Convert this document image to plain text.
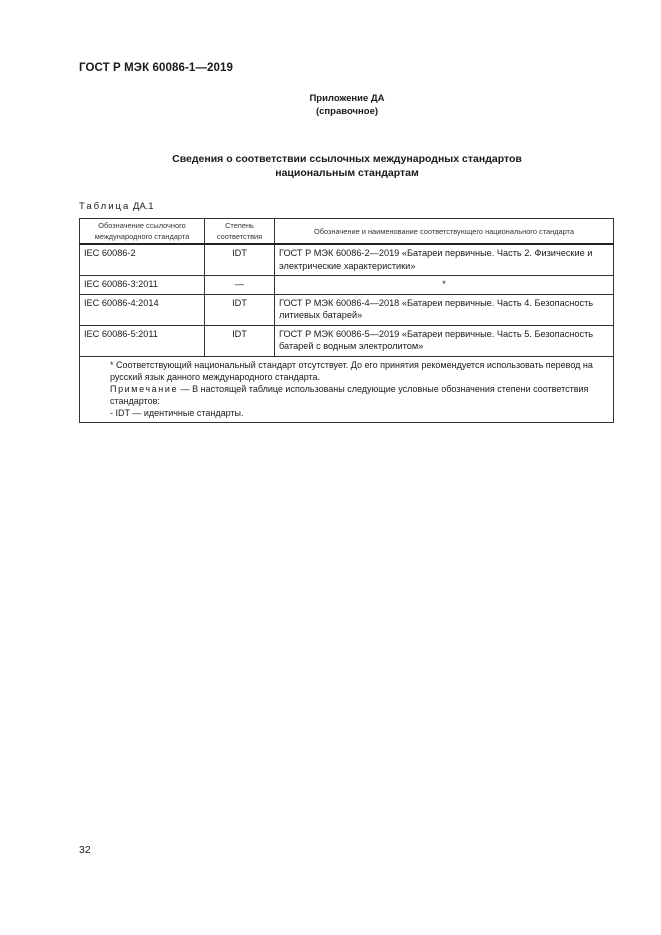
ГОСТ Р МЭК 60086-1—2019
Приложение ДА
(справочное)
Сведения о соответствии ссылочных международных стандартов
национальным стандартам
Таблица ДА.1
Обозначение ссылочного международного стандарта	Степень соответствия	Обозначение и наименование соответствующего национального стандарта
IEC 60086-2	IDT	ГОСТ Р МЭК 60086-2—2019 «Батареи первичные. Часть 2. Физические и электрические характеристики»
IEC 60086-3:2011	—	*
IEC 60086-4:2014	IDT	ГОСТ Р МЭК 60086-4—2018 «Батареи первичные. Часть 4. Безопасность литиевых батарей»
IEC 60086-5:2011	IDT	ГОСТ Р МЭК 60086-5—2019 «Батареи первичные. Часть 5. Безопасность батарей с водным электролитом»

* Соответствующий национальный стандарт отсутствует. До его принятия рекомендуется использовать перевод на русский язык данного международного стандарта.
Примечание — В настоящей таблице использованы следующие условные обозначения степени соответствия стандартов:
- IDT — идентичные стандарты.		
32
